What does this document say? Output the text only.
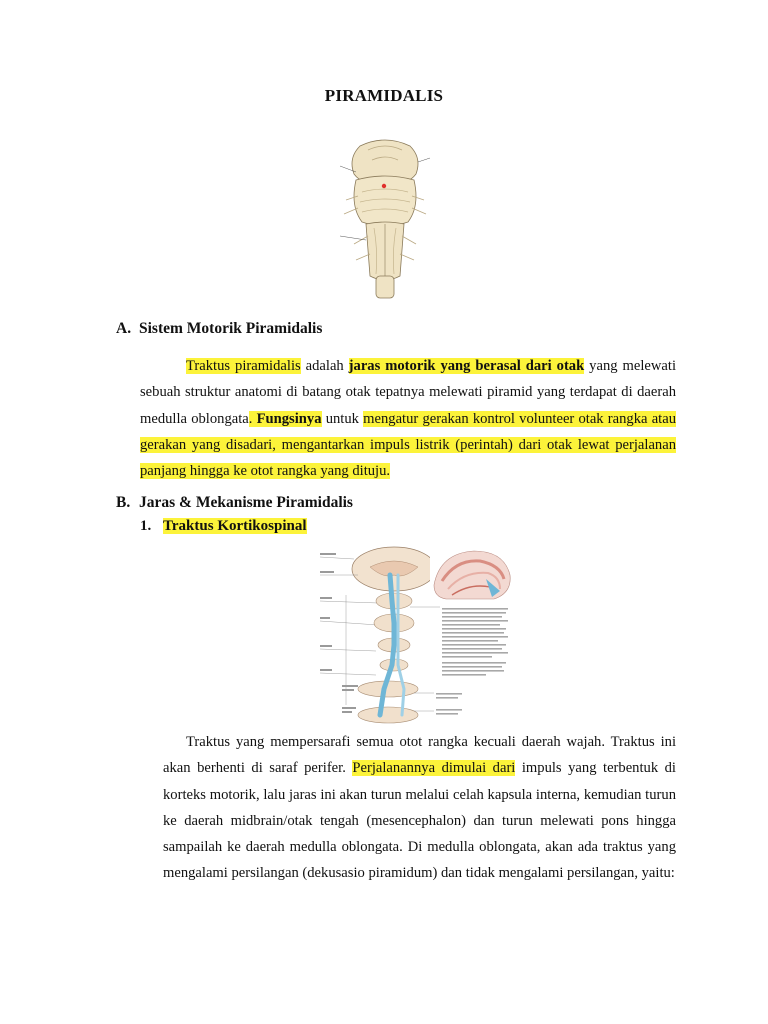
PIRAMIDALIS
A. Sistem Motorik Piramidalis

Traktus piramidalis adalah jaras motorik yang berasal dari otak yang melewati sebuah struktur anatomi di batang otak tepatnya melewati piramid yang terdapat di daerah medulla oblongata. Fungsinya untuk mengatur gerakan kontrol volunteer otak rangka atau gerakan yang disadari, mengantarkan impuls listrik (perintah) dari otak lewat perjalanan panjang hingga ke otot rangka yang dituju.

B. Jaras & Mekanisme Piramidalis
1. Traktus Kortikospinal

Traktus yang mempersarafi semua otot rangka kecuali daerah wajah. Traktus ini akan berhenti di saraf perifer. Perjalanannya dimulai dari impuls yang terbentuk di korteks motorik, lalu jaras ini akan turun melalui celah kapsula interna, kemudian turun ke daerah midbrain/otak tengah (mesencephalon) dan turun melewati pons hingga sampailah ke daerah medulla oblongata. Di medulla oblongata, akan ada traktus yang mengalami persilangan (dekusasio piramidum) dan tidak mengalami persilangan, yaitu:
